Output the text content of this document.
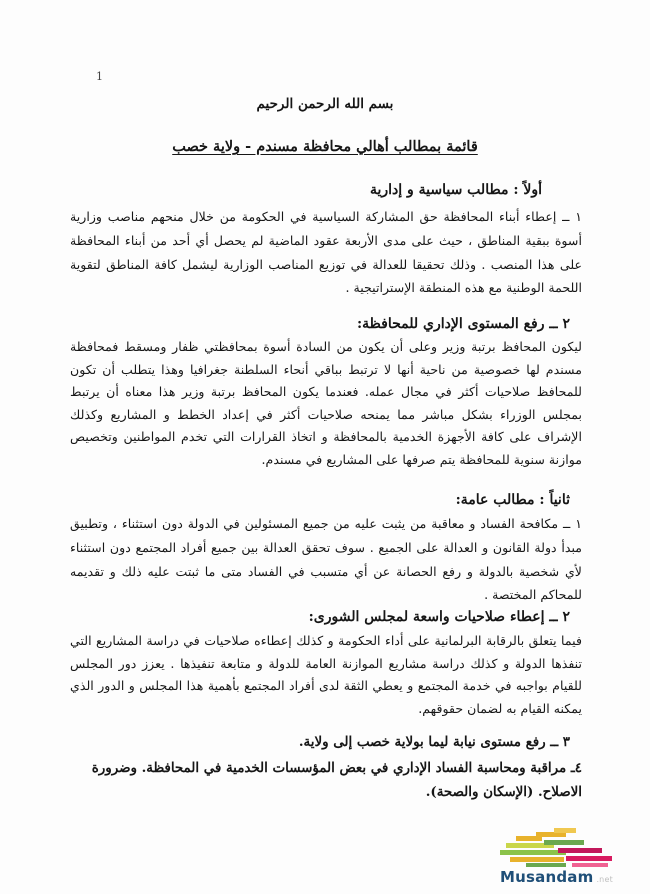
1
بسم الله الرحمن الرحيم
قائمة بمطالب أهالي محافظة مسندم - ولاية خصب
أولاً : مطالب سياسية و إدارية
١ ــ إعطاء أبناء المحافظة حق المشاركة السياسية في الحكومة من خلال منحهم مناصب وزارية أسوة ببقية المناطق ، حيث على مدى الأربعة عقود الماضية لم يحصل أي أحد من أبناء المحافظة على هذا المنصب . وذلك تحقيقا للعدالة في توزيع المناصب الوزارية ليشمل كافة المناطق لتقوية اللحمة الوطنية مع هذه المنطقة الإستراتيجية .
٢ ــ رفع المستوى الإداري للمحافظة:
ليكون المحافظ برتبة وزير وعلى أن يكون من السادة أسوة بمحافظتي ظفار ومسقط فمحافظة مسندم لها خصوصية من ناحية أنها لا ترتبط بباقي أنحاء السلطنة جغرافيا وهذا يتطلب أن تكون للمحافظ صلاحيات أكثر في مجال عمله. فعندما يكون المحافظ برتبة وزير هذا معناه أن يرتبط بمجلس الوزراء بشكل مباشر مما يمنحه صلاحيات أكثر في إعداد الخطط و المشاريع وكذلك الإشراف على كافة الأجهزة الخدمية بالمحافظة و اتخاذ القرارات التي تخدم المواطنين وتخصيص موازنة سنوية للمحافظة يتم صرفها على المشاريع في مسندم.
ثانياً : مطالب عامة:
١ ــ مكافحة الفساد و معاقبة من يثبت عليه من جميع المسئولين في الدولة دون استثناء ، وتطبيق مبدأ دولة القانون و العدالة على الجميع . سوف تحقق العدالة بين جميع أفراد المجتمع دون استثناء لأي شخصية بالدولة و رفع الحصانة عن أي متسبب في الفساد متى ما ثبتت عليه ذلك و تقديمه للمحاكم المختصة .
٢ ــ إعطاء صلاحيات واسعة لمجلس الشورى:
فيما يتعلق بالرقابة البرلمانية على أداء الحكومة و كذلك إعطاءه صلاحيات في دراسة المشاريع التي تنفذها الدولة و كذلك دراسة مشاريع الموازنة العامة للدولة و متابعة تنفيذها . يعزز دور المجلس للقيام بواجبه في خدمة المجتمع و يعطي الثقة لدى أفراد المجتمع بأهمية هذا المجلس و الدور الذي يمكنه القيام به لضمان حقوقهم.
٣ ــ رفع مستوى نيابة ليما بولاية خصب إلى ولاية.
٤ـ مراقبة ومحاسبة الفساد الإداري في بعض المؤسسات الخدمية في المحافظة. وضرورة الاصلاح. (الإسكان والصحة).
Musandam .net
